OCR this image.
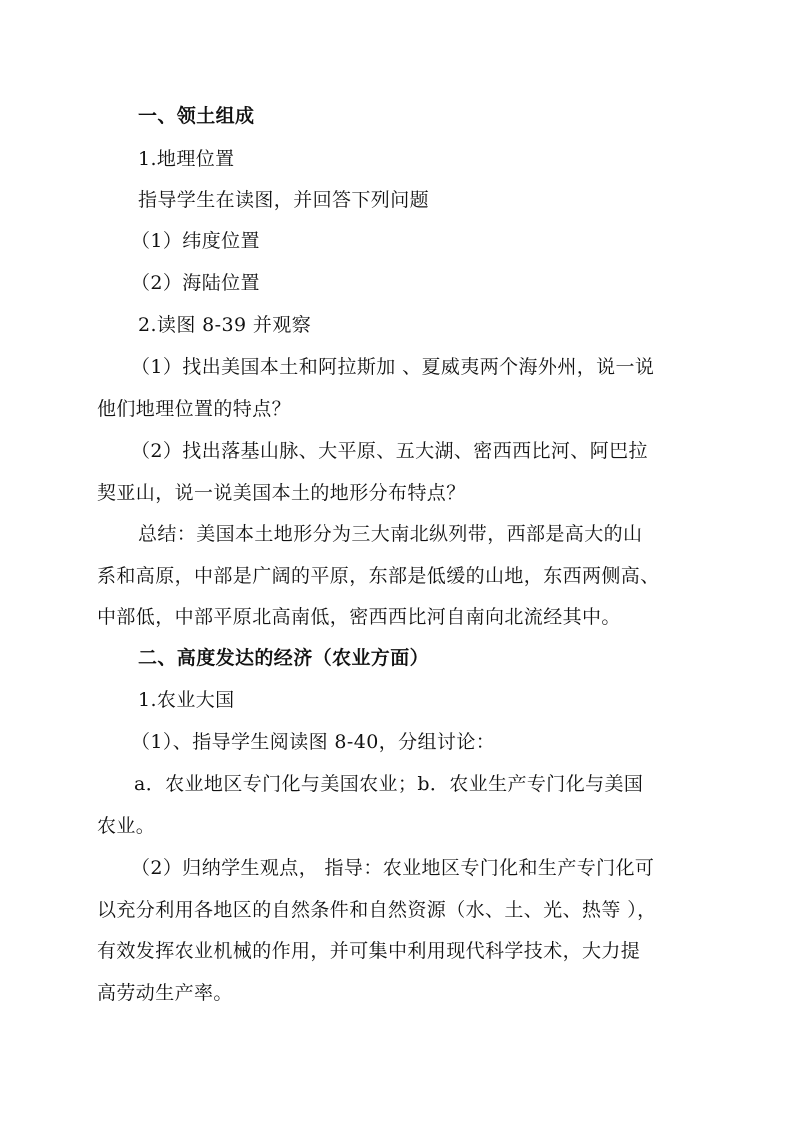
一、领土组成
1.地理位置
指导学生在读图，并回答下列问题
（1）纬度位置
（2）海陆位置
2.读图 8-39 并观察
（1）找出美国本土和阿拉斯加 、夏威夷两个海外州，说一说
他们地理位置的特点？
（2）找出落基山脉、大平原、五大湖、密西西比河、阿巴拉
契亚山，说一说美国本土的地形分布特点？
总结：美国本土地形分为三大南北纵列带，西部是高大的山
系和高原，中部是广阔的平原，东部是低缓的山地，东西两侧高、
中部低，中部平原北高南低，密西西比河自南向北流经其中。
二、高度发达的经济（农业方面）
1.农业大国
（1）、指导学生阅读图 8-40，分组讨论：
a．农业地区专门化与美国农业；b．农业生产专门化与美国
农业。
（2）归纳学生观点， 指导：农业地区专门化和生产专门化可
以充分利用各地区的自然条件和自然资源（水、土、光、热等 ），
有效发挥农业机械的作用，并可集中利用现代科学技术，大力提
高劳动生产率。
